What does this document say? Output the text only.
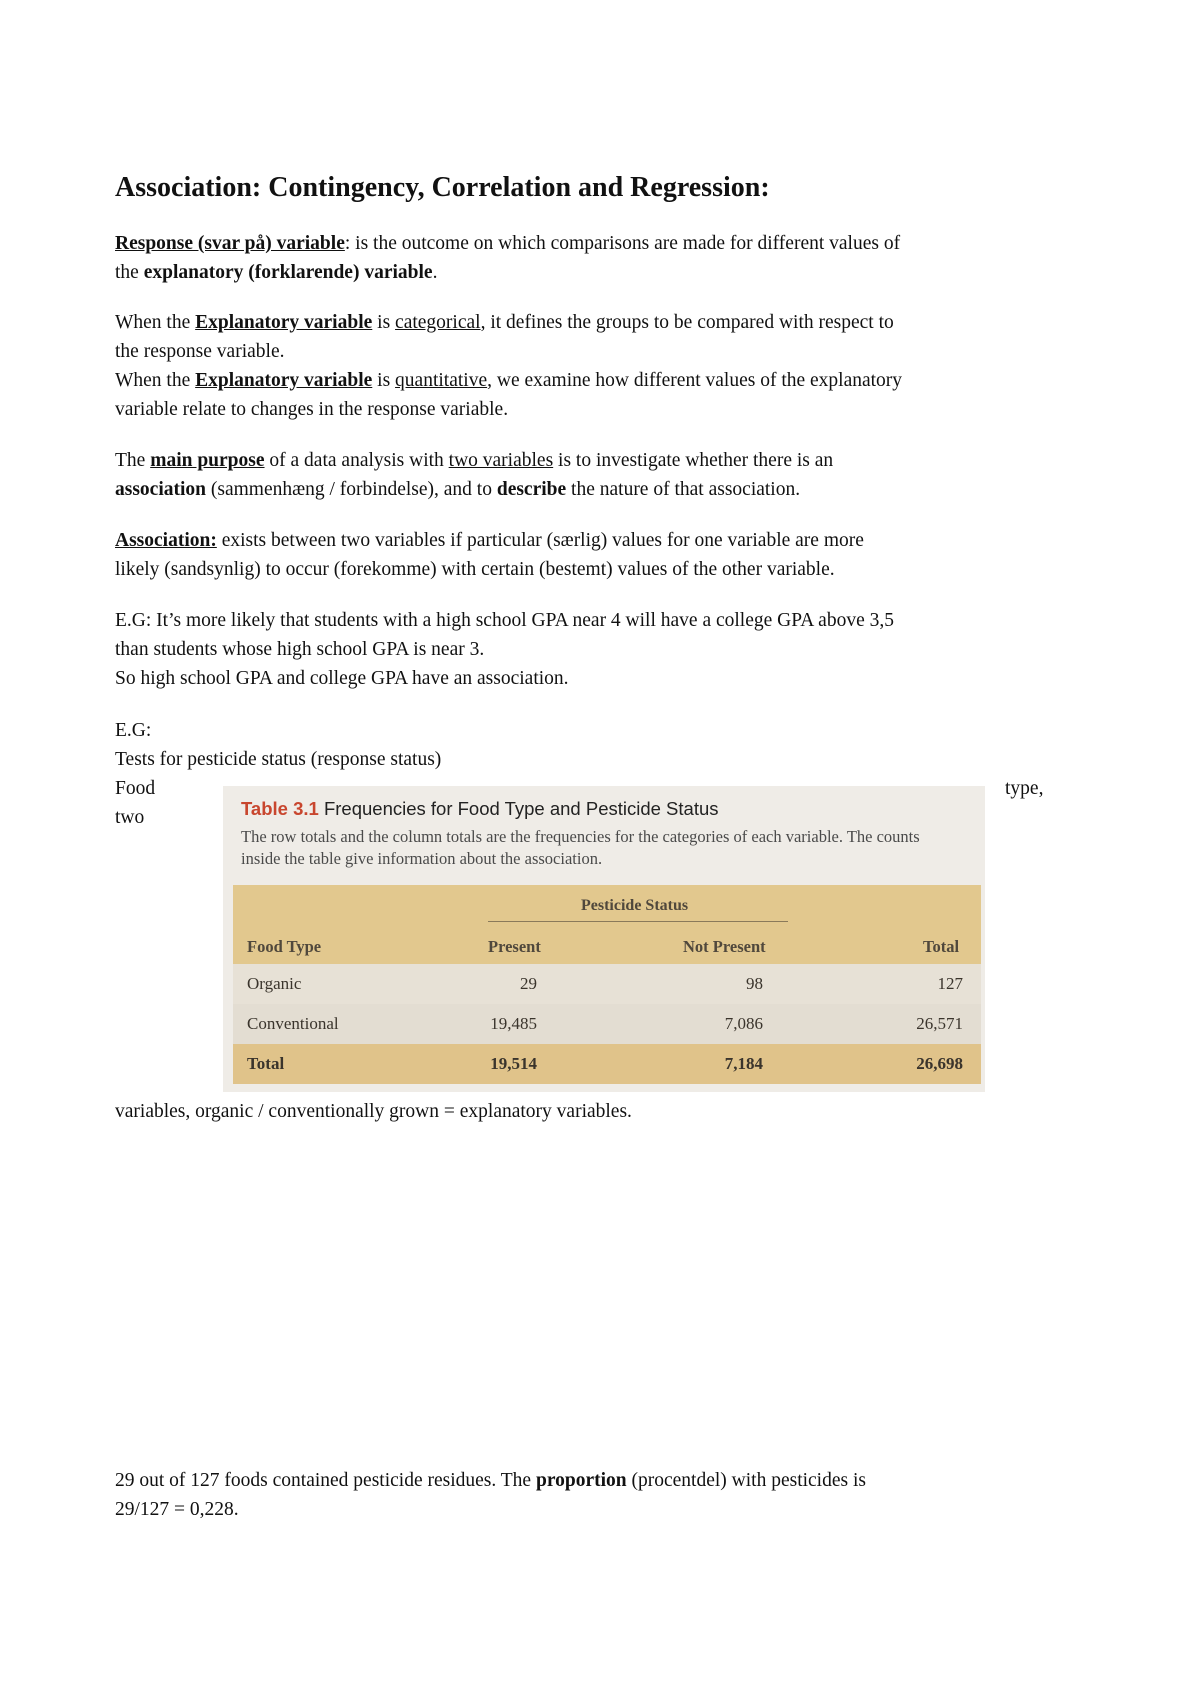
Association: Contingency, Correlation and Regression:

Response (svar på) variable: is the outcome on which comparisons are made for different values of
the explanatory (forklarende) variable.

When the Explanatory variable is categorical, it defines the groups to be compared with respect to
the response variable.

When the Explanatory variable is quantitative, we examine how different values of the explanatory
variable relate to changes in the response variable.

The main purpose of a data analysis with two variables is to investigate whether there is an
association (sammenhæng / forbindelse), and to describe the nature of that association.

Association: exists between two variables if particular (særlig) values for one variable are more
likely (sandsynlig) to occur (forekomme) with certain (bestemt) values of the other variable.

E.G: It’s more likely that students with a high school GPA near 4 will have a college GPA above 3,5
than students whose high school GPA is near 3.
So high school GPA and college GPA have an association.

E.G:
Tests for pesticide status (response status)
Food
two

type,
Table 3.1 Frequencies for Food Type and Pesticide Status
The row totals and the column totals are the frequencies for the categories of each variable. The counts inside the table give information about the association.
Pesticide Status
Food Type	Present	Not Present	Total
Organic	29	98	127
Conventional	19,485	7,086	26,571
Total	19,514	7,184	26,698

variables, organic / conventionally grown = explanatory variables.

29 out of 127 foods contained pesticide residues. The proportion (procentdel) with pesticides is
29/127 = 0,228.
